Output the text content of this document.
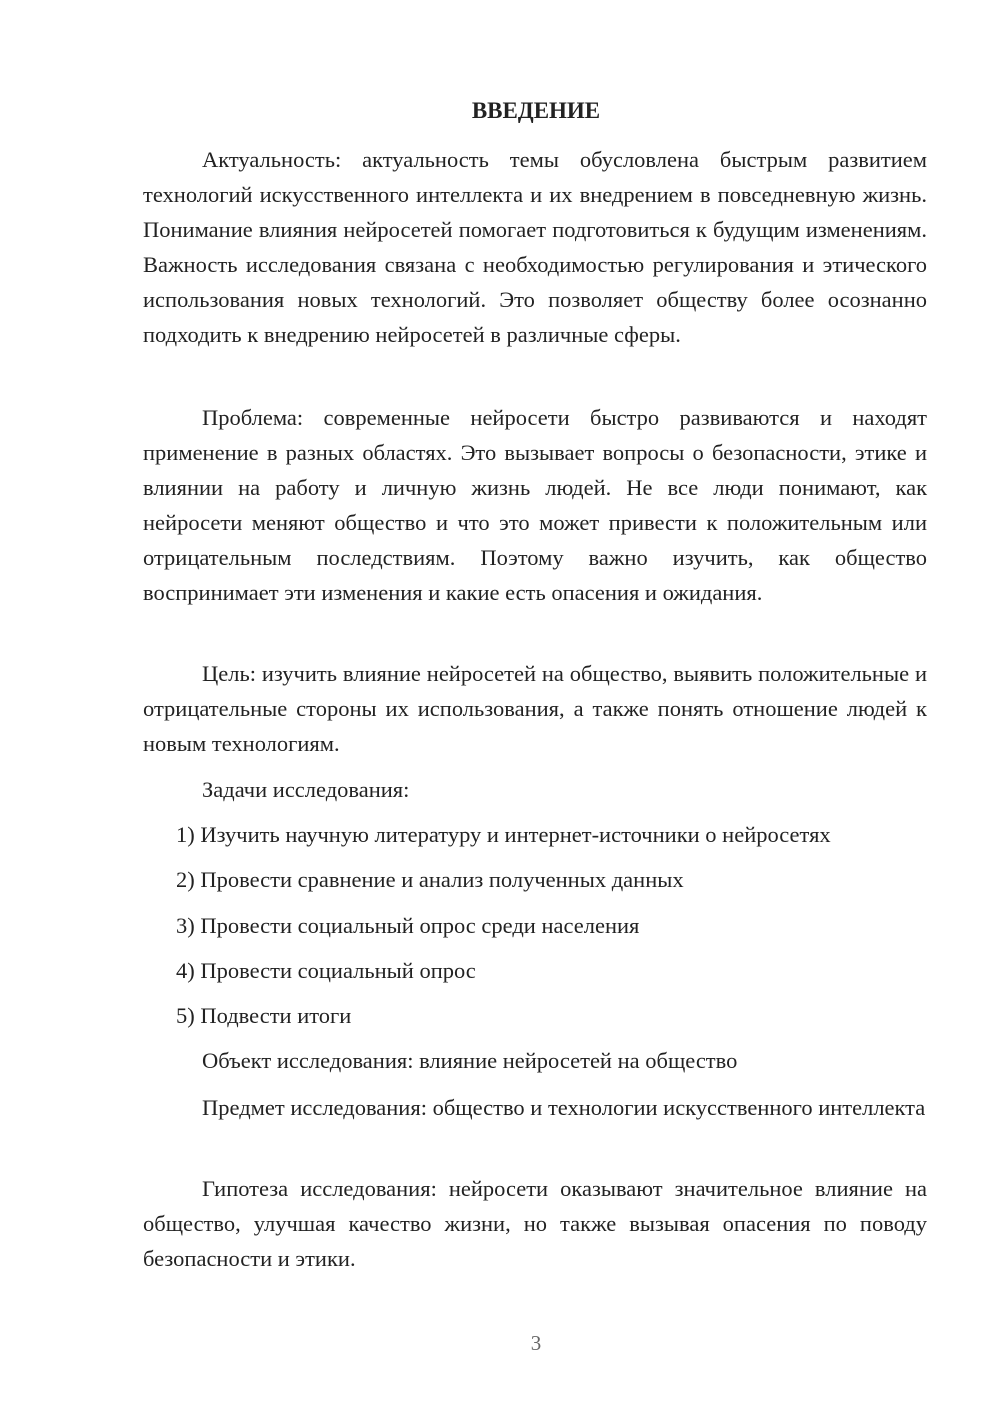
ВВЕДЕНИЕ

Актуальность: актуальность темы обусловлена быстрым развитием технологий искусственного интеллекта и их внедрением в повседневную жизнь. Понимание влияния нейросетей помогает подготовиться к будущим изменениям. Важность исследования связана с необходимостью регулирования и этического использования новых технологий. Это позволяет обществу более осознанно подходить к внедрению нейросетей в различные сферы.

Проблема: современные нейросети быстро развиваются и находят применение в разных областях. Это вызывает вопросы о безопасности, этике и влиянии на работу и личную жизнь людей. Не все люди понимают, как нейросети меняют общество и что это может привести к положительным или отрицательным последствиям. Поэтому важно изучить, как общество воспринимает эти изменения и какие есть опасения и ожидания.

Цель: изучить влияние нейросетей на общество, выявить положительные и отрицательные стороны их использования, а также понять отношение людей к новым технологиям.

Задачи исследования:

1) Изучить научную литературу и интернет-источники о нейросетях
2) Провести сравнение и анализ полученных данных
3) Провести социальный опрос среди населения
4) Провести социальный опрос
5) Подвести итоги

Объект исследования: влияние нейросетей на общество

Предмет исследования: общество и технологии искусственного интеллекта

Гипотеза исследования: нейросети оказывают значительное влияние на общество, улучшая качество жизни, но также вызывая опасения по поводу безопасности и этики.

3
